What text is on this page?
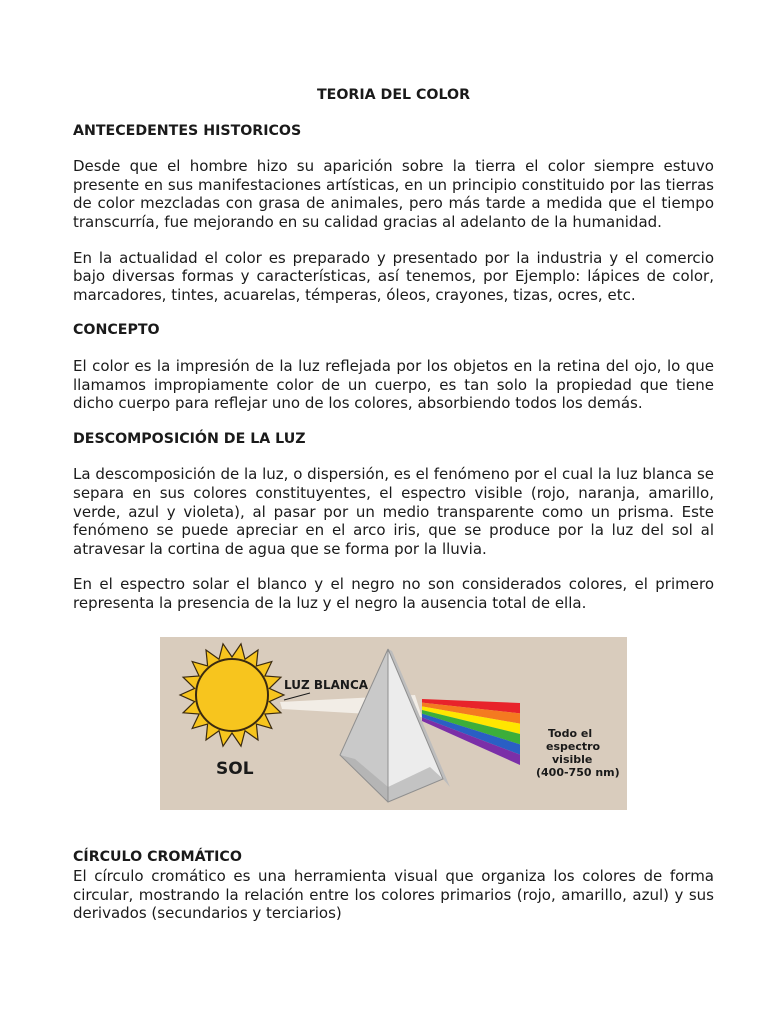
TEORIA DEL COLOR
ANTECEDENTES HISTORICOS

Desde que el hombre hizo su aparición sobre la tierra el color siempre estuvo presente en sus manifestaciones artísticas, en un principio constituido por las tierras de color mezcladas con grasa de animales, pero más tarde a medida que el tiempo transcurría, fue mejorando en su calidad gracias al adelanto de la humanidad.

En la actualidad el color es preparado y presentado por la industria y el comercio bajo diversas formas y características, así tenemos, por Ejemplo: lápices de color, marcadores, tintes, acuarelas, témperas, óleos, crayones, tizas, ocres, etc.

CONCEPTO

El color es la impresión de la luz reflejada por los objetos en la retina del ojo, lo que llamamos impropiamente color de un cuerpo, es tan solo la propiedad que tiene dicho cuerpo para reflejar uno de los colores, absorbiendo todos los demás.

DESCOMPOSICIÓN DE LA LUZ

La descomposición de la luz, o dispersión, es el fenómeno por el cual la luz blanca se separa en sus colores constituyentes, el espectro visible (rojo, naranja, amarillo, verde, azul y violeta), al pasar por un medio transparente como un prisma. Este fenómeno se puede apreciar en el arco iris, que se produce por la luz del sol al atravesar la cortina de agua que se forma por la lluvia.

En el espectro solar el blanco y el negro no son considerados colores, el primero representa la presencia de la luz y el negro la ausencia total de ella.

SOL
LUZ BLANCA
Todo el
espectro
visible
(400-750 nm)
CÍRCULO CROMÁTICO

El círculo cromático es una herramienta visual que organiza los colores de forma circular, mostrando la relación entre los colores primarios (rojo, amarillo, azul) y sus derivados (secundarios y terciarios)
